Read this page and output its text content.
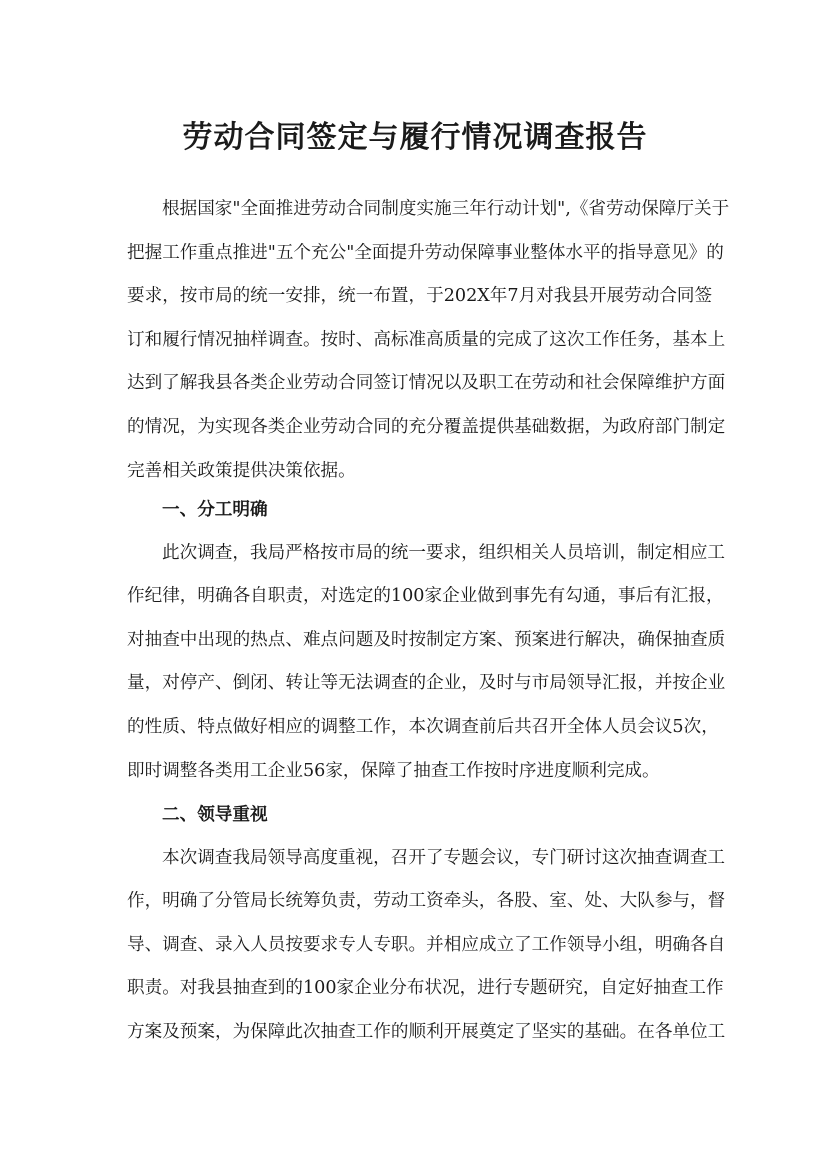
劳动合同签定与履行情况调查报告
根据国家"全面推进劳动合同制度实施三年行动计划",《省劳动保障厅关于
把握工作重点推进"五个充公"全面提升劳动保障事业整体水平的指导意见》的
要求，按市局的统一安排，统一布置，于202X年7月对我县开展劳动合同签
订和履行情况抽样调查。按时、高标准高质量的完成了这次工作任务，基本上
达到了解我县各类企业劳动合同签订情况以及职工在劳动和社会保障维护方面
的情况，为实现各类企业劳动合同的充分覆盖提供基础数据，为政府部门制定
完善相关政策提供决策依据。
一、分工明确
此次调查，我局严格按市局的统一要求，组织相关人员培训，制定相应工
作纪律，明确各自职责，对选定的100家企业做到事先有勾通，事后有汇报，
对抽查中出现的热点、难点问题及时按制定方案、预案进行解决，确保抽查质
量，对停产、倒闭、转让等无法调查的企业，及时与市局领导汇报，并按企业
的性质、特点做好相应的调整工作，本次调查前后共召开全体人员会议5次，
即时调整各类用工企业56家，保障了抽查工作按时序进度顺利完成。
二、领导重视
本次调查我局领导高度重视，召开了专题会议，专门研讨这次抽查调查工
作，明确了分管局长统筹负责，劳动工资牵头，各股、室、处、大队参与，督
导、调查、录入人员按要求专人专职。并相应成立了工作领导小组，明确各自
职责。对我县抽查到的100家企业分布状况，进行专题研究，自定好抽查工作
方案及预案，为保障此次抽查工作的顺利开展奠定了坚实的基础。在各单位工
